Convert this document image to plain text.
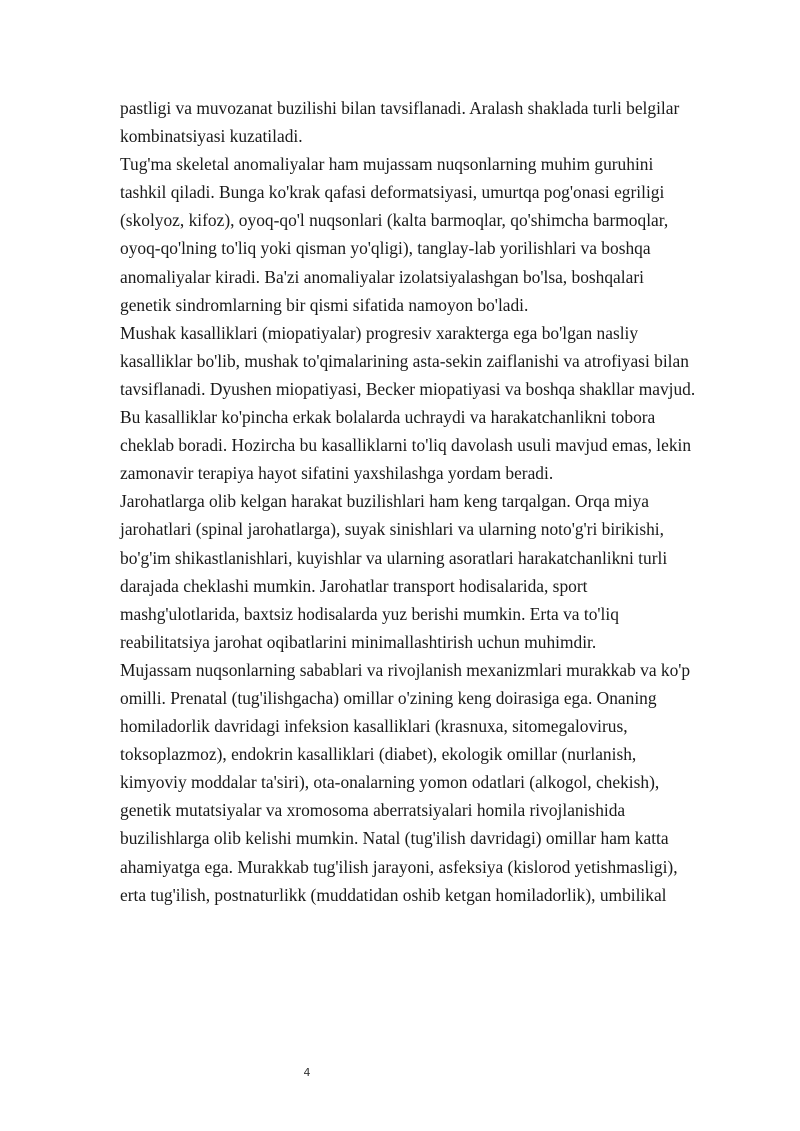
pastligi va muvozanat buzilishi bilan tavsiflanadi. Aralash shaklada turli belgilar kombinatsiyasi kuzatiladi.

Tug'ma skeletal anomaliyalar ham mujassam nuqsonlarning muhim guruhini tashkil qiladi. Bunga ko'krak qafasi deformatsiyasi, umurtqa pog'onasi egriligi (skolyoz, kifoz), oyoq-qo'l nuqsonlari (kalta barmoqlar, qo'shimcha barmoqlar, oyoq-qo'lning to'liq yoki qisman yo'qligi), tanglay-lab yorilishlari va boshqa anomaliyalar kiradi. Ba'zi anomaliyalar izolatsiyalashgan bo'lsa, boshqalari genetik sindromlarning bir qismi sifatida namoyon bo'ladi.

Mushak kasalliklari (miopatiyalar) progresiv xarakterga ega bo'lgan nasliy kasalliklar bo'lib, mushak to'qimalarining asta-sekin zaiflanishi va atrofiyasi bilan tavsiflanadi. Dyushen miopatiyasi, Becker miopatiyasi va boshqa shakllar mavjud. Bu kasalliklar ko'pincha erkak bolalarda uchraydi va harakatchanlikni tobora cheklab boradi. Hozircha bu kasalliklarni to'liq davolash usuli mavjud emas, lekin zamonavir terapiya hayot sifatini yaxshilashga yordam beradi.

Jarohatlarga olib kelgan harakat buzilishlari ham keng tarqalgan. Orqa miya jarohatlari (spinal jarohatlarga), suyak sinishlari va ularning noto'g'ri birikishi, bo'g'im shikastlanishlari, kuyishlar va ularning asoratlari harakatchanlikni turli darajada cheklashi mumkin. Jarohatlar transport hodisalarida, sport mashg'ulotlarida, baxtsiz hodisalarda yuz berishi mumkin. Erta va to'liq reabilitatsiya jarohat oqibatlarini minimallashtirish uchun muhimdir.

Mujassam nuqsonlarning sabablari va rivojlanish mexanizmlari murakkab va ko'p omilli. Prenatal (tug'ilishgacha) omillar o'zining keng doirasiga ega. Onaning homiladorlik davridagi infeksion kasalliklari (krasnuxa, sitomegalovirus, toksoplazmoz), endokrin kasalliklari (diabet), ekologik omillar (nurlanish, kimyoviy moddalar ta'siri), ota-onalarning yomon odatlari (alkogol, chekish), genetik mutatsiyalar va xromosoma aberratsiyalari homila rivojlanishida buzilishlarga olib kelishi mumkin. Natal (tug'ilish davridagi) omillar ham katta ahamiyatga ega. Murakkab tug'ilish jarayoni, asfeksiya (kislorod yetishmasligi), erta tug'ilish, postnaturlikk (muddatidan oshib ketgan homiladorlik), umbilikal

4
